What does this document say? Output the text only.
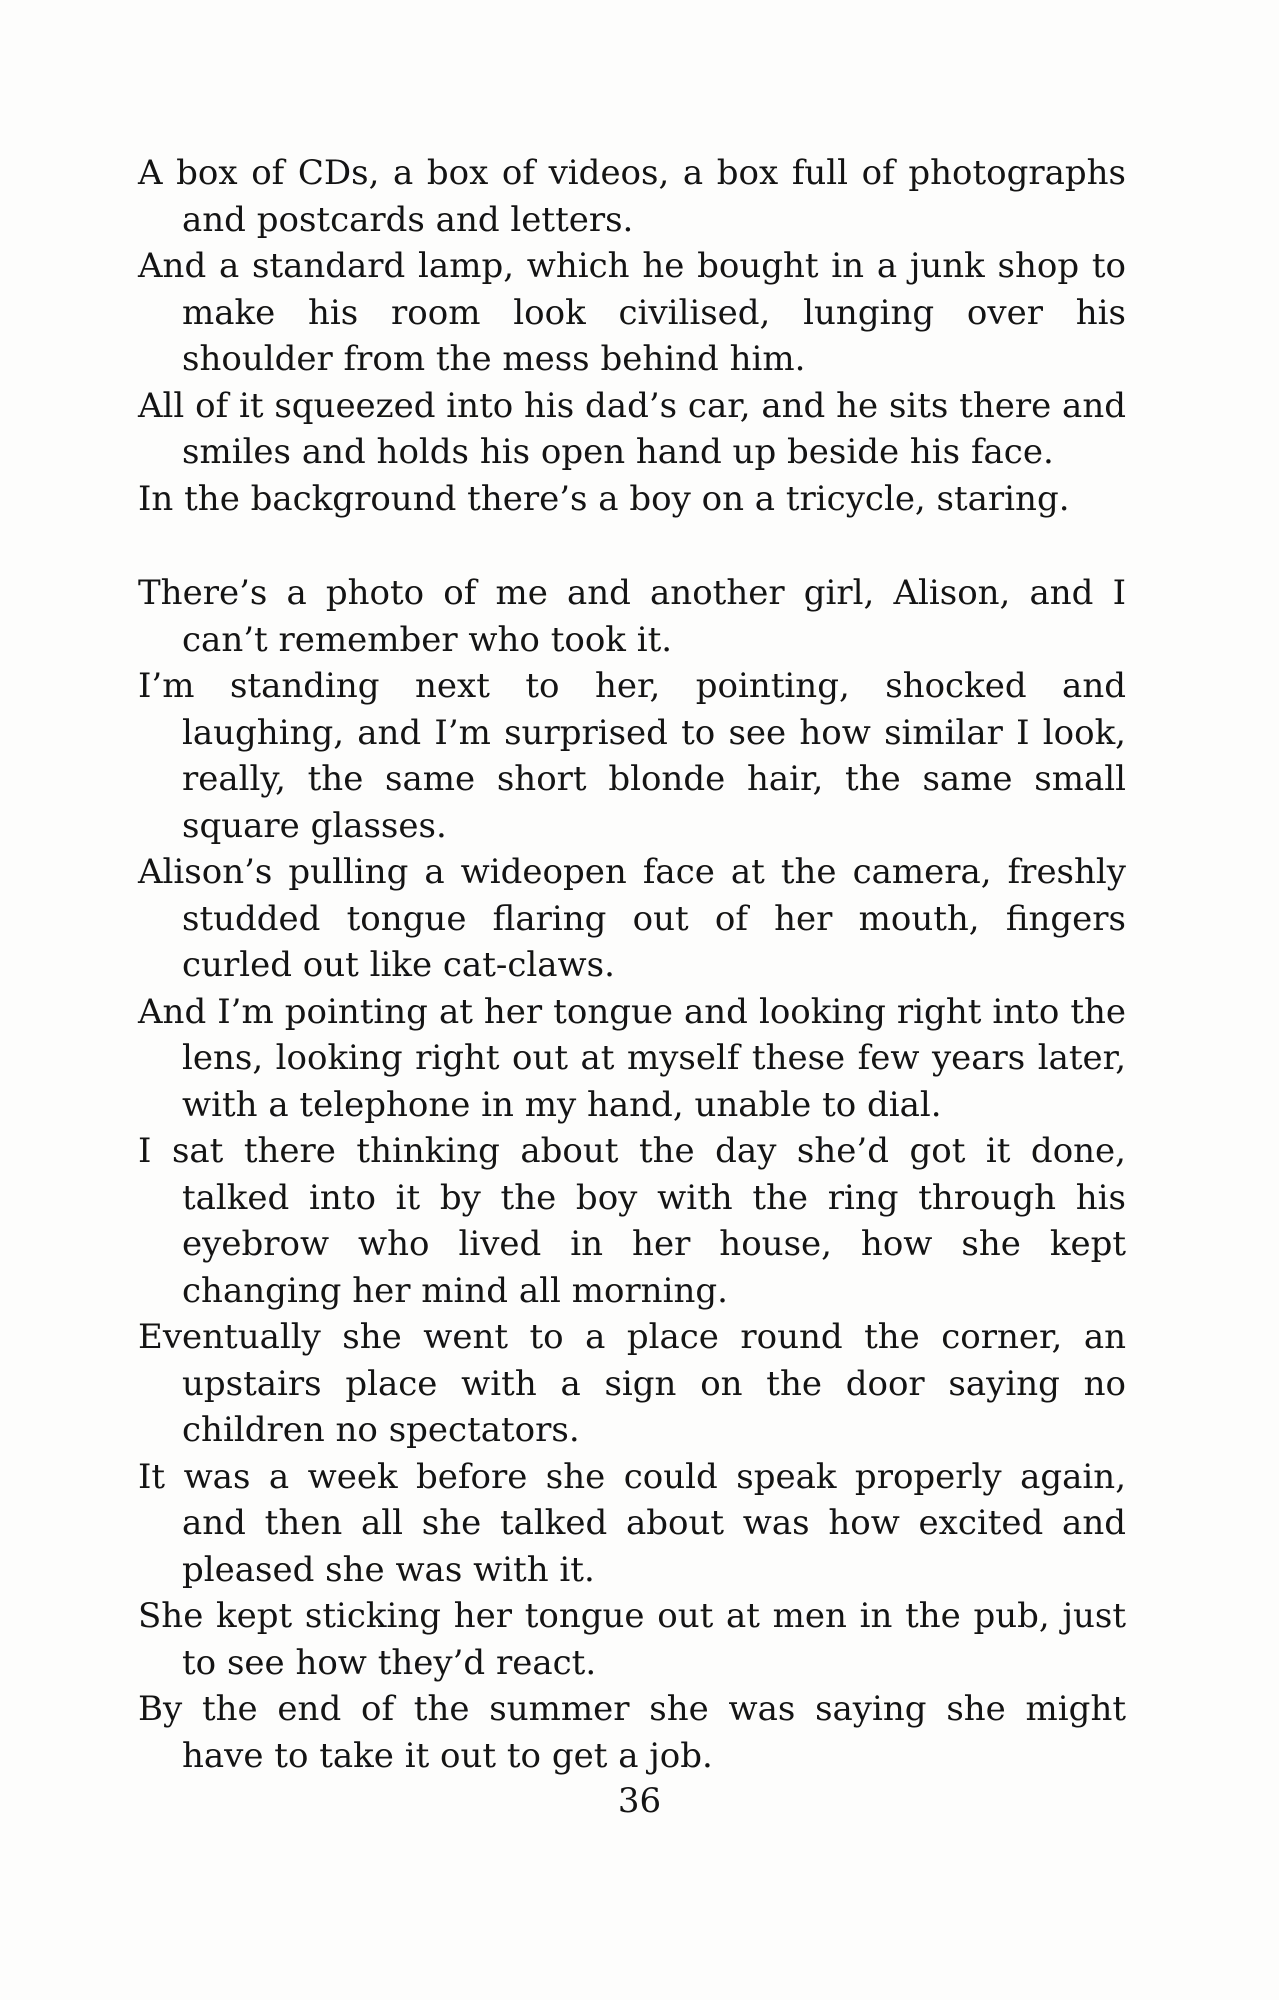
A box of CDs, a box of videos, a box full of photographs and postcards and letters.

And a standard lamp, which he bought in a junk shop to make his room look civilised, lunging over his shoulder from the mess behind him.

All of it squeezed into his dad’s car, and he sits there and smiles and holds his open hand up beside his face.

In the background there’s a boy on a tricycle, staring.

There’s a photo of me and another girl, Alison, and I can’t remember who took it.

I’m standing next to her, pointing, shocked and laughing, and I’m surprised to see how similar I look, really, the same short blonde hair, the same small square glasses.

Alison’s pulling a wideopen face at the camera, freshly studded tongue flaring out of her mouth, fingers curled out like cat-claws.

And I’m pointing at her tongue and looking right into the lens, looking right out at myself these few years later, with a telephone in my hand, unable to dial.

I sat there thinking about the day she’d got it done, talked into it by the boy with the ring through his eyebrow who lived in her house, how she kept changing her mind all morning.

Eventually she went to a place round the corner, an upstairs place with a sign on the door saying no children no spectators.

It was a week before she could speak properly again, and then all she talked about was how excited and pleased she was with it.

She kept sticking her tongue out at men in the pub, just to see how they’d react.

By the end of the summer she was saying she might have to take it out to get a job.

36
